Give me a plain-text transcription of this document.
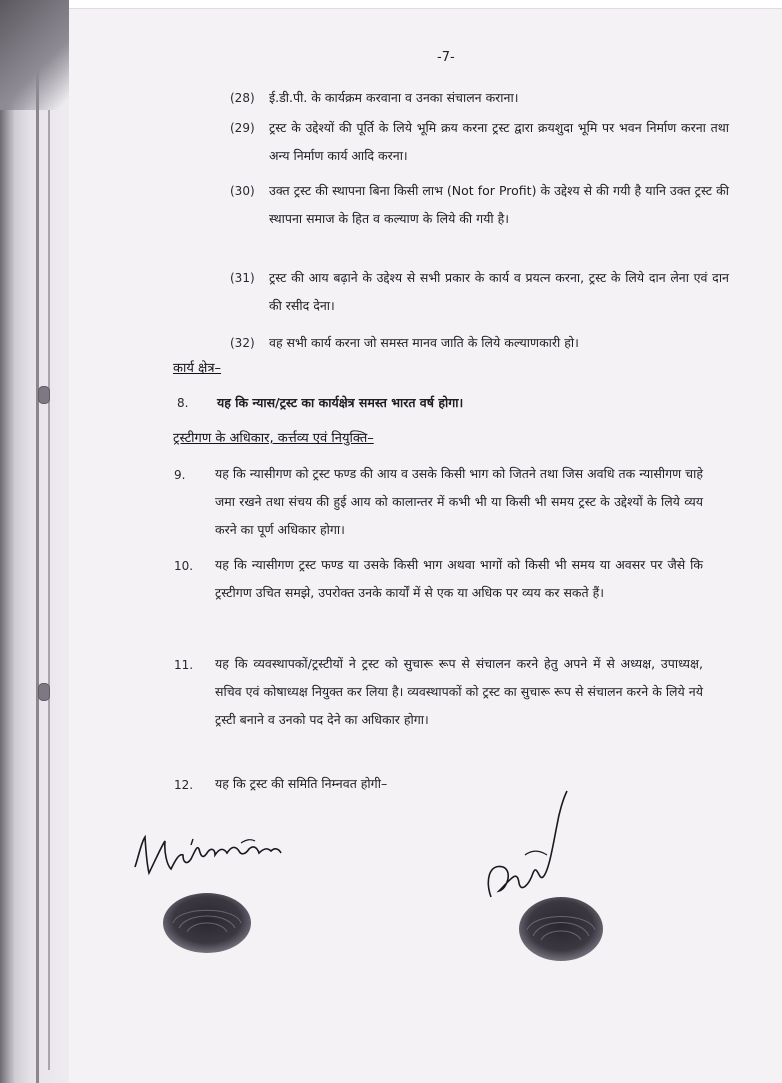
-7-
(28) ई.डी.पी. के कार्यक्रम करवाना व उनका संचालन कराना।
(29) ट्रस्ट के उद्देश्यों की पूर्ति के लिये भूमि क्रय करना ट्रस्ट द्वारा क्रयशुदा भूमि पर भवन निर्माण करना तथा अन्य निर्माण कार्य आदि करना।
(30) उक्त ट्रस्ट की स्थापना बिना किसी लाभ (Not for Profit) के उद्देश्य से की गयी है यानि उक्त ट्रस्ट की स्थापना समाज के हित व कल्याण के लिये की गयी है।
(31) ट्रस्ट की आय बढ़ाने के उद्देश्य से सभी प्रकार के कार्य व प्रयत्न करना, ट्रस्ट के लिये दान लेना एवं दान की रसीद देना।
(32) वह सभी कार्य करना जो समस्त मानव जाति के लिये कल्याणकारी हो।
कार्य क्षेत्र–
8. यह कि न्यास/ट्रस्ट का कार्यक्षेत्र समस्त भारत वर्ष होगा।
ट्रस्टीगण के अधिकार, कर्त्तव्य एवं नियुक्ति–
9. यह कि न्यासीगण को ट्रस्ट फण्ड की आय व उसके किसी भाग को जितने तथा जिस अवधि तक न्यासीगण चाहे जमा रखने तथा संचय की हुई आय को कालान्तर में कभी भी या किसी भी समय ट्रस्ट के उद्देश्यों के लिये व्यय करने का पूर्ण अधिकार होगा।
10. यह कि न्यासीगण ट्रस्ट फण्ड या उसके किसी भाग अथवा भागों को किसी भी समय या अवसर पर जैसे कि ट्रस्टीगण उचित समझे, उपरोक्त उनके कार्यों में से एक या अधिक पर व्यय कर सकते हैं।
11. यह कि व्यवस्थापकों/ट्रस्टीयों ने ट्रस्ट को सुचारू रूप से संचालन करने हेतु अपने में से अध्यक्ष, उपाध्यक्ष, सचिव एवं कोषाध्यक्ष नियुक्त कर लिया है। व्यवस्थापकों को ट्रस्ट का सुचारू रूप से संचालन करने के लिये नये ट्रस्टी बनाने व उनको पद देने का अधिकार होगा।
12. यह कि ट्रस्ट की समिति निम्नवत होगी–
